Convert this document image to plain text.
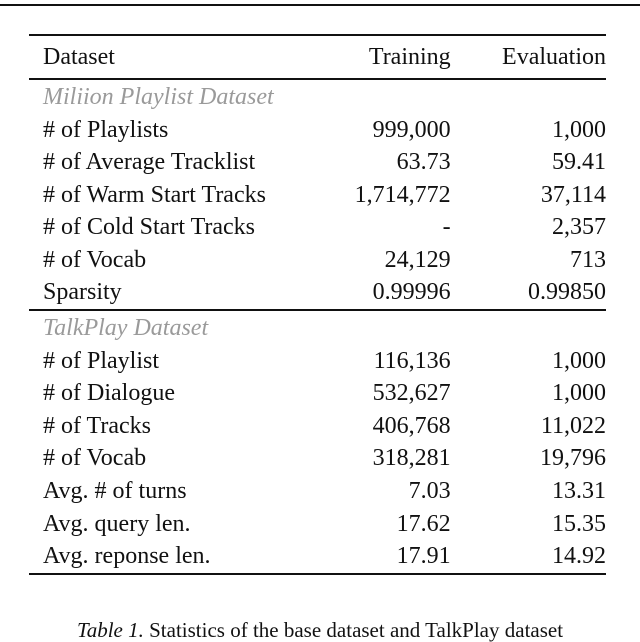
Dataset	Training	Evaluation
Miliion Playlist Dataset		
# of Playlists	999,000	1,000
# of Average Tracklist	63.73	59.41
# of Warm Start Tracks	1,714,772	37,114
# of Cold Start Tracks	-	2,357
# of Vocab	24,129	713
Sparsity	0.99996	0.99850
TalkPlay Dataset		
# of Playlist	116,136	1,000
# of Dialogue	532,627	1,000
# of Tracks	406,768	11,022
# of Vocab	318,281	19,796
Avg. # of turns	7.03	13.31
Avg. query len.	17.62	15.35
Avg. reponse len.	17.91	14.92
Table 1. Statistics of the base dataset and TalkPlay dataset
